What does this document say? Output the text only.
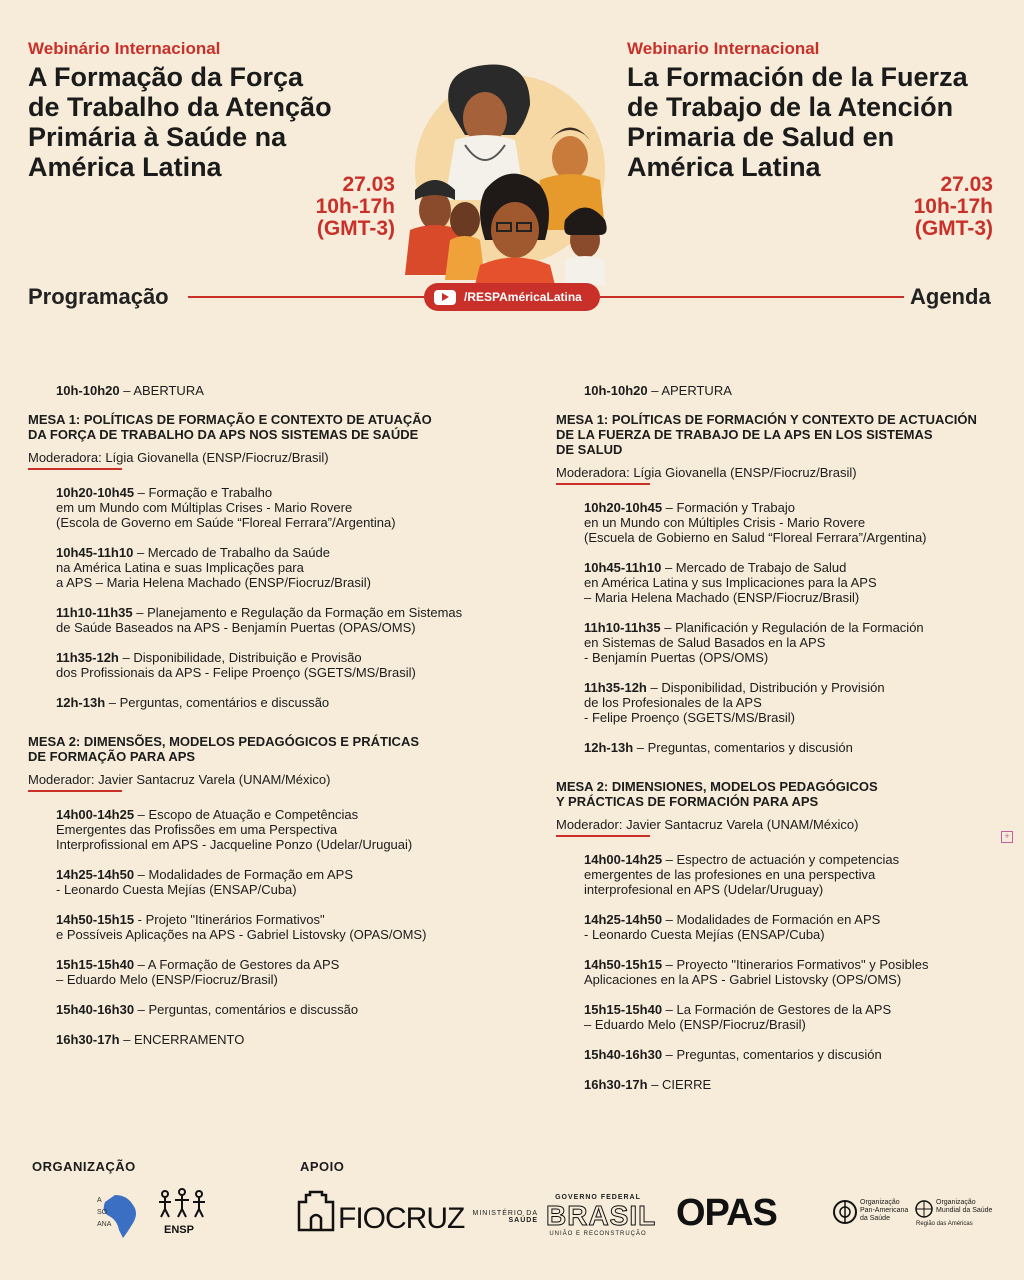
Webinário Internacional
A Formação da Força
de Trabalho da Atenção
Primária à Saúde na
América Latina
27.03
10h-17h
(GMT-3)
Webinario Internacional
La Formación de la Fuerza
de Trabajo de la Atención
Primaria de Salud en
América Latina
27.03
10h-17h
(GMT-3)
Programação	Agenda
/RESPAméricaLatina
10h-10h20 – ABERTURA
MESA 1: POLÍTICAS DE FORMAÇÃO E CONTEXTO DE ATUAÇÃO
DA FORÇA DE TRABALHO DA APS NOS SISTEMAS DE SAÚDE
Moderadora: Lígia Giovanella (ENSP/Fiocruz/Brasil)
10h20-10h45 – Formação e Trabalho
em um Mundo com Múltiplas Crises - Mario Rovere
(Escola de Governo em Saúde “Floreal Ferrara”/Argentina)
10h45-11h10 – Mercado de Trabalho da Saúde
na América Latina e suas Implicações para
a APS – Maria Helena Machado (ENSP/Fiocruz/Brasil)
11h10-11h35 – Planejamento e Regulação da Formação em Sistemas
de Saúde Baseados na APS - Benjamín Puertas (OPAS/OMS)
11h35-12h – Disponibilidade, Distribuição e Provisão
dos Profissionais da APS - Felipe Proenço (SGETS/MS/Brasil)
12h-13h – Perguntas, comentários e discussão
MESA 2: DIMENSÕES, MODELOS PEDAGÓGICOS E PRÁTICAS
DE FORMAÇÃO PARA APS
Moderador: Javier Santacruz Varela (UNAM/México)
14h00-14h25 – Escopo de Atuação e Competências
Emergentes das Profissões em uma Perspectiva
Interprofissional em APS - Jacqueline Ponzo (Udelar/Uruguai)
14h25-14h50 – Modalidades de Formação em APS
- Leonardo Cuesta Mejías (ENSAP/Cuba)
14h50-15h15 - Projeto "Itinerários Formativos"
e Possíveis Aplicações na APS - Gabriel Listovsky (OPAS/OMS)
15h15-15h40 – A Formação de Gestores da APS
– Eduardo Melo (ENSP/Fiocruz/Brasil)
15h40-16h30 – Perguntas, comentários e discussão
16h30-17h – ENCERRAMENTO
10h-10h20 – APERTURA
MESA 1: POLÍTICAS DE FORMACIÓN Y CONTEXTO DE ACTUACIÓN
DE LA FUERZA DE TRABAJO DE LA APS EN LOS SISTEMAS
DE SALUD
Moderadora: Lígia Giovanella (ENSP/Fiocruz/Brasil)
10h20-10h45 – Formación y Trabajo
en un Mundo con Múltiples Crisis - Mario Rovere
(Escuela de Gobierno en Salud “Floreal Ferrara”/Argentina)
10h45-11h10 – Mercado de Trabajo de Salud
en América Latina y sus Implicaciones para la APS
– Maria Helena Machado (ENSP/Fiocruz/Brasil)
11h10-11h35 – Planificación y Regulación de la Formación
en Sistemas de Salud Basados en la APS
- Benjamín Puertas (OPS/OMS)
11h35-12h – Disponibilidad, Distribución y Provisión
de los Profesionales de la APS
- Felipe Proenço (SGETS/MS/Brasil)
12h-13h – Preguntas, comentarios y discusión
MESA 2: DIMENSIONES, MODELOS PEDAGÓGICOS
Y PRÁCTICAS DE FORMACIÓN PARA APS
Moderador: Javier Santacruz Varela (UNAM/México)
14h00-14h25 – Espectro de actuación y competencias
emergentes de las profesiones en una perspectiva
interprofesional en APS (Udelar/Uruguay)
14h25-14h50 – Modalidades de Formación en APS
- Leonardo Cuesta Mejías (ENSAP/Cuba)
14h50-15h15 – Proyecto "Itinerarios Formativos" y Posibles
Aplicaciones en la APS - Gabriel Listovsky (OPS/OMS)
15h15-15h40 – La Formación de Gestores de la APS
– Eduardo Melo (ENSP/Fiocruz/Brasil)
15h40-16h30 – Preguntas, comentarios y discusión
16h30-17h – CIERRE
+
ORGANIZAÇÃO	APOIO
A
SO
ANA	ENSP	FIOCRUZ	MINISTÉRIO DA
SAÚDE
GOVERNO FEDERAL
BRASIL
UNIÃO E RECONSTRUÇÃO OPAS	Organização
Pan-Americana
da Saúde
Organização
Mundial da Saúde
Região das Américas
